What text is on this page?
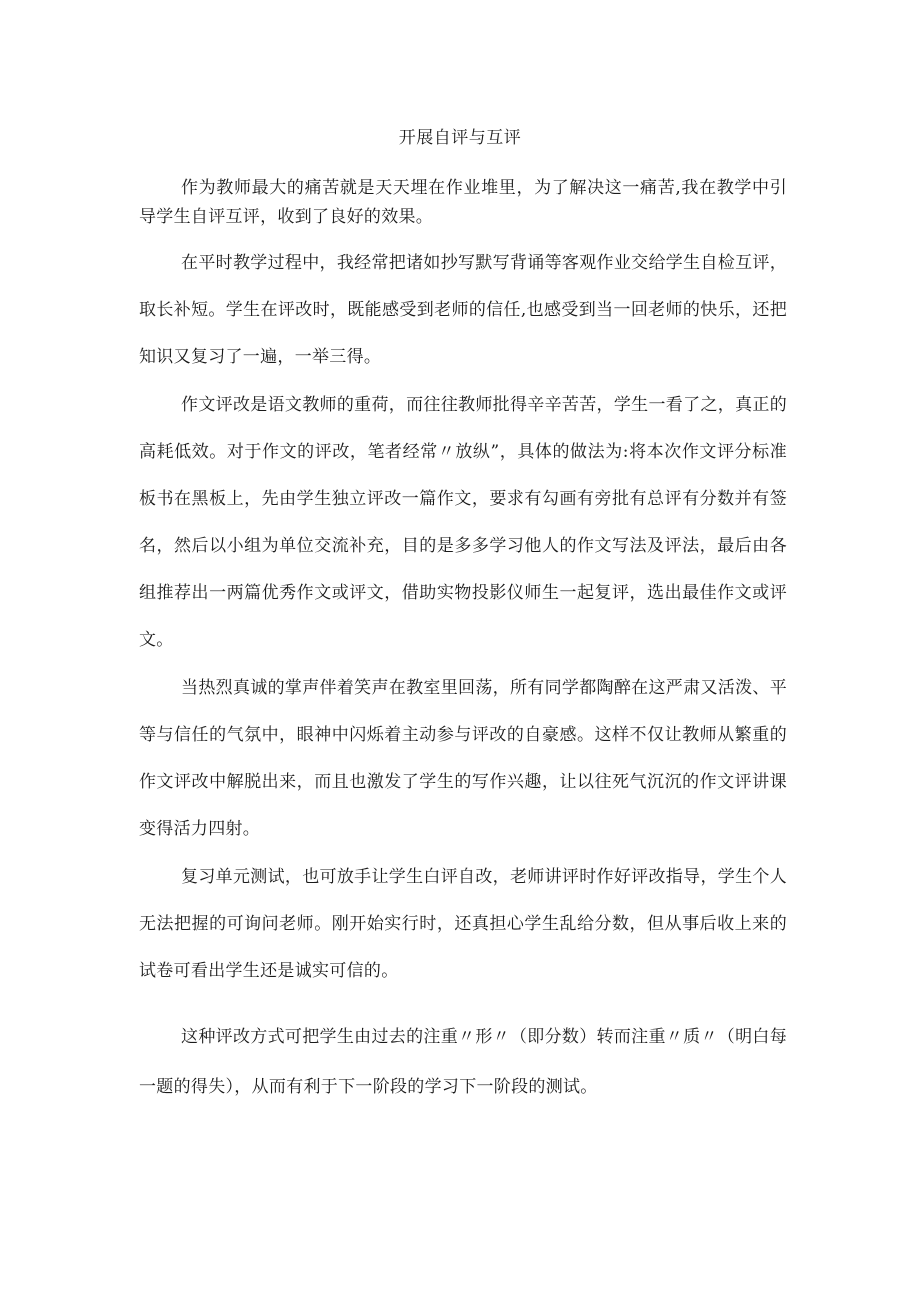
开展自评与互评

作为教师最大的痛苦就是天天埋在作业堆里，为了解决这一痛苦,我在教学中引导学生自评互评，收到了良好的效果。

在平时教学过程中，我经常把诸如抄写默写背诵等客观作业交给学生自检互评，取长补短。学生在评改时，既能感受到老师的信任,也感受到当一回老师的快乐，还把知识又复习了一遍，一举三得。

作文评改是语文教师的重荷，而往往教师批得辛辛苦苦，学生一看了之，真正的高耗低效。对于作文的评改，笔者经常〃放纵”，具体的做法为:将本次作文评分标准板书在黑板上，先由学生独立评改一篇作文，要求有勾画有旁批有总评有分数并有签名，然后以小组为单位交流补充，目的是多多学习他人的作文写法及评法，最后由各组推荐出一两篇优秀作文或评文，借助实物投影仪师生一起复评，选出最佳作文或评文。

当热烈真诚的掌声伴着笑声在教室里回荡，所有同学都陶醉在这严肃又活泼、平等与信任的气氛中，眼神中闪烁着主动参与评改的自豪感。这样不仅让教师从繁重的作文评改中解脱出来，而且也激发了学生的写作兴趣，让以往死气沉沉的作文评讲课变得活力四射。

复习单元测试，也可放手让学生白评自改，老师讲评时作好评改指导，学生个人无法把握的可询问老师。刚开始实行时，还真担心学生乱给分数，但从事后收上来的试卷可看出学生还是诚实可信的。

这种评改方式可把学生由过去的注重〃形〃（即分数）转而注重〃质〃（明白每一题的得失），从而有利于下一阶段的学习下一阶段的测试。
